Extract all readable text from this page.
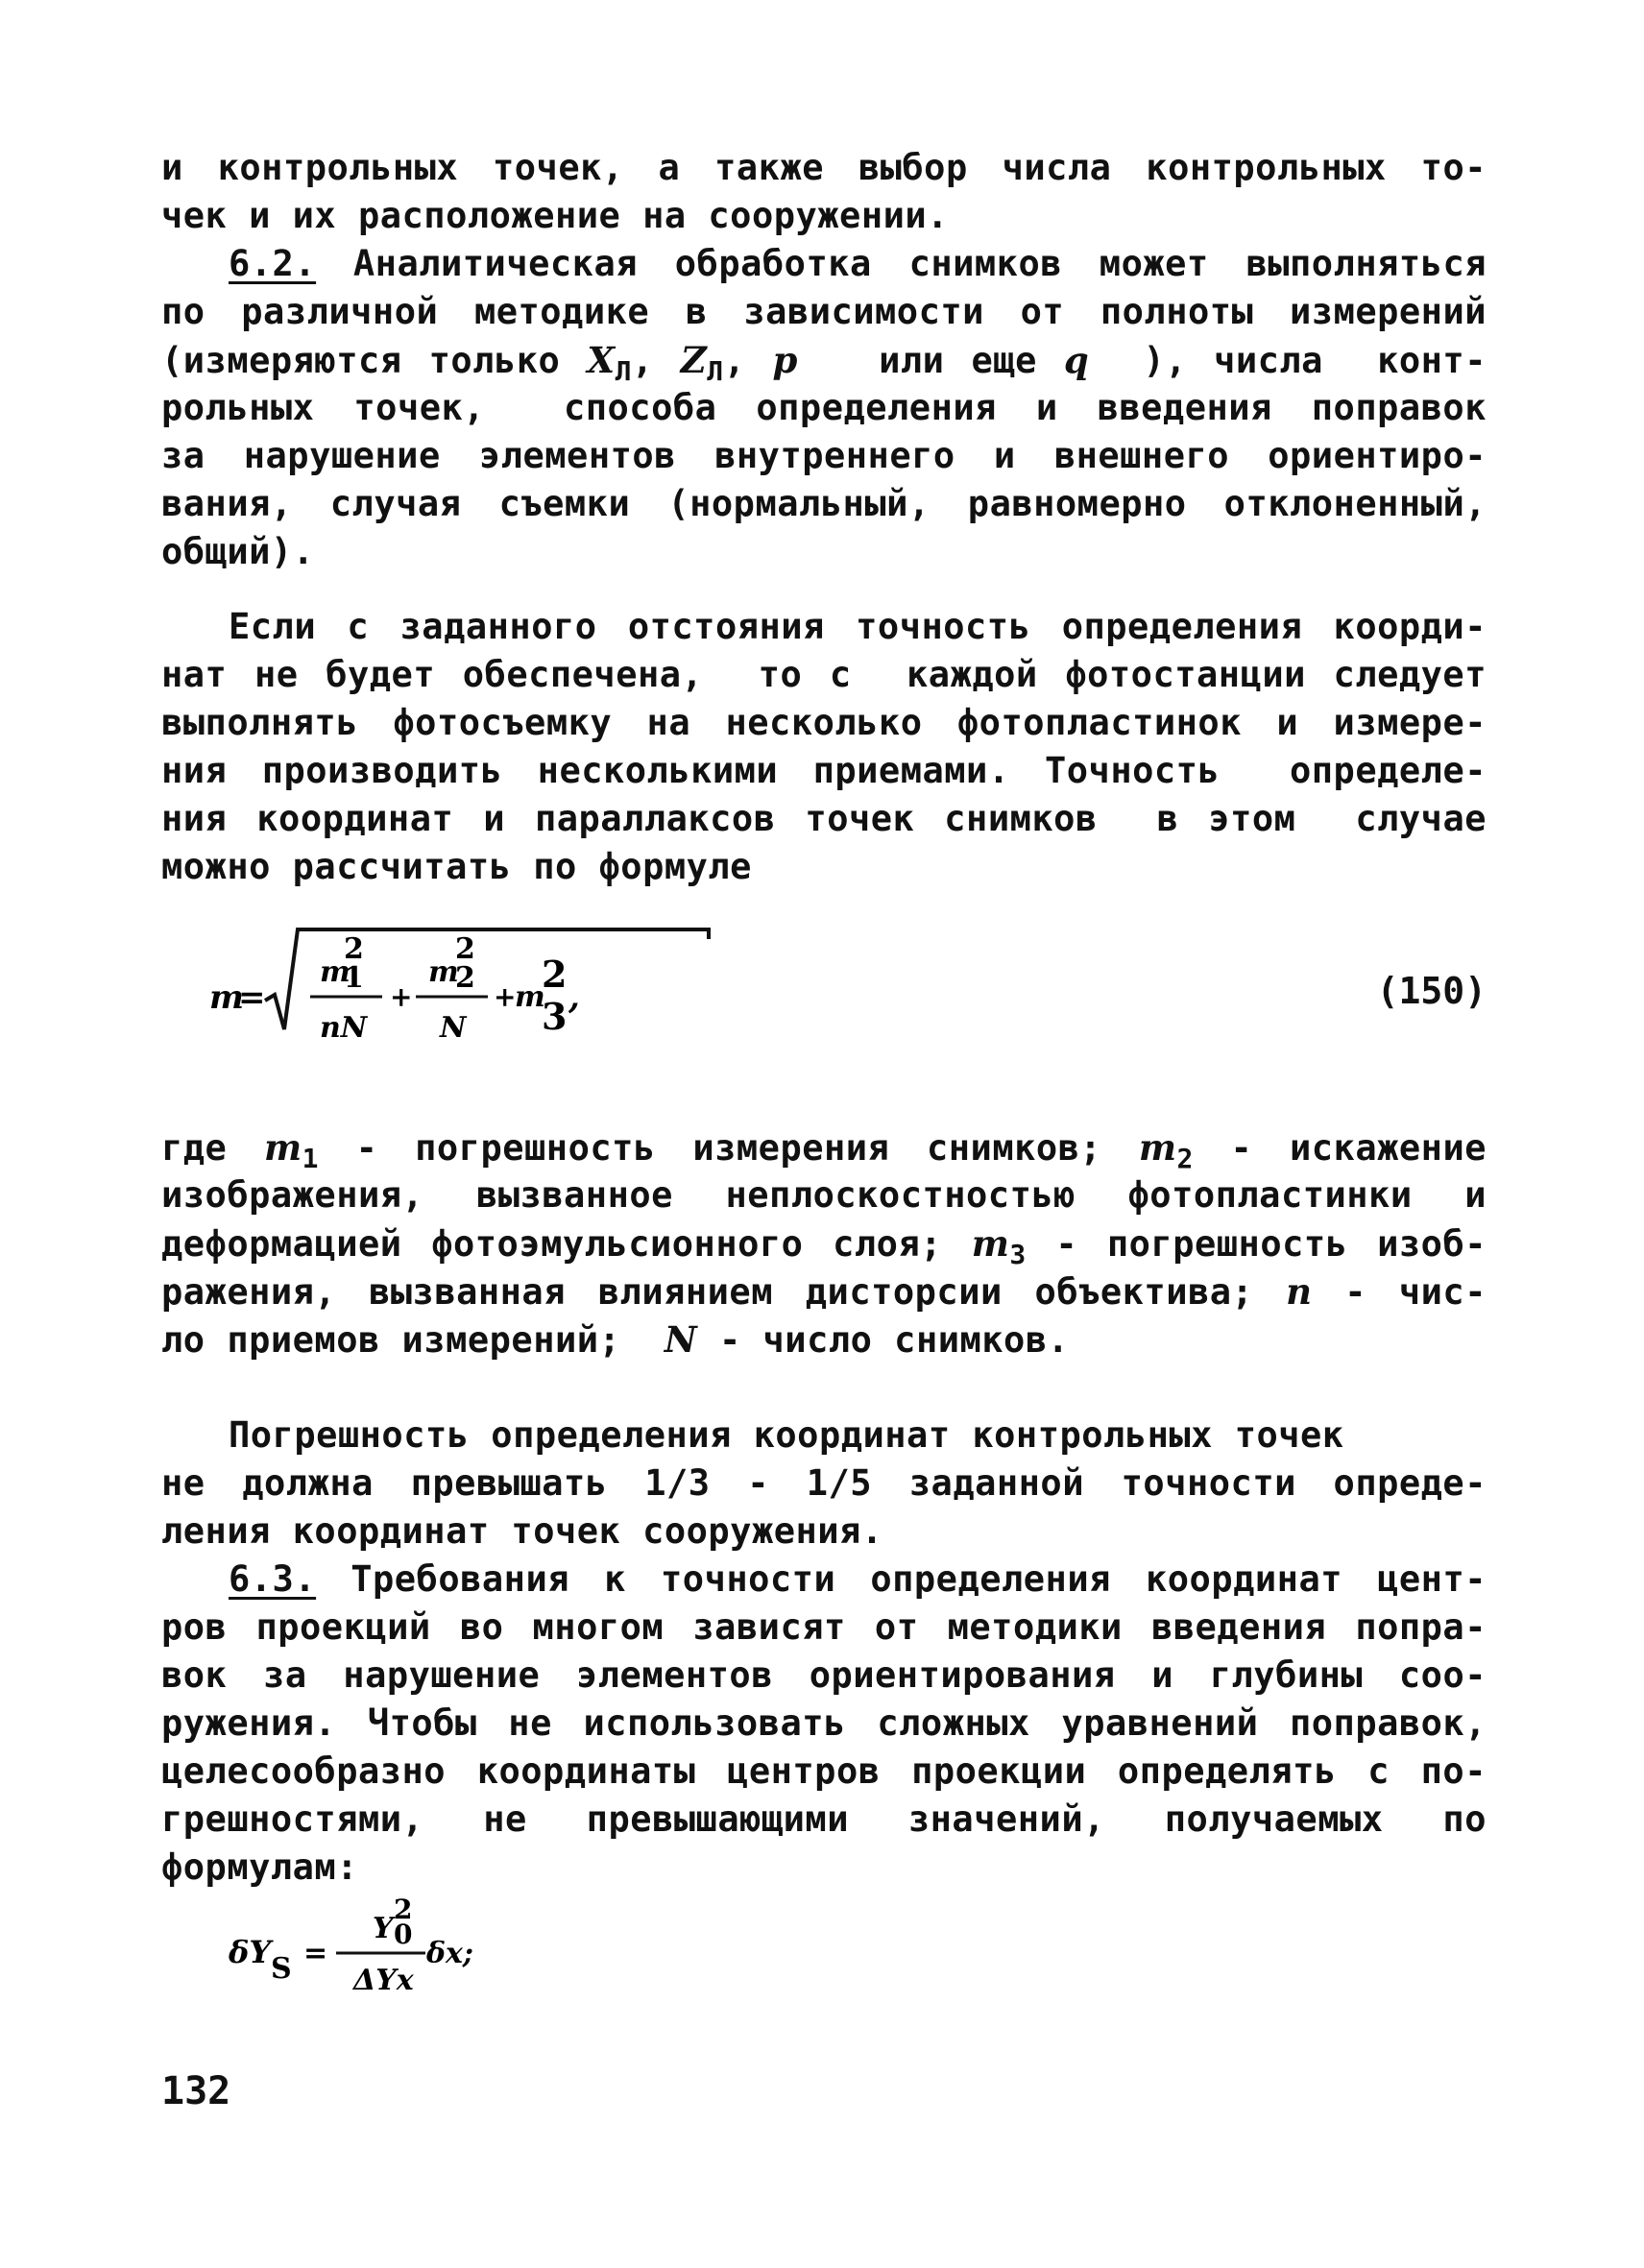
и контрольных точек, а также выбор числа контрольных то-
чек и их расположение на сооружении.
6.2. Аналитическая обработка снимков может выполняться
по различной методике в зависимости от полноты измерений
(измеряются только $X_Л$, $Z_Л$, p   или еще q  ), числа  конт-
рольных точек,  способа определения и введения поправок
за нарушение элементов внутреннего и внешнего ориентиро-
вания, случая съемки (нормальный, равномерно отклоненный,
общий).
Если с заданного отстояния точность определения коорди-
нат не будет обеспечена,  то с  каждой фотостанции следует
выполнять фотосъемку на несколько фотопластинок и измере-
ния производить несколькими приемами. Точность  определе-
ния координат и параллаксов точек снимков  в этом  случае
можно рассчитать по формуле
m
=
m
2
1
nN
+
m
2
2
N
+
m
2
3 ,	(150)
где $m_1$ - погрешность измерения снимков; $m_2$ - искажение
изображения, вызванное неплоскостностью фотопластинки и
деформацией фотоэмульсионного слоя; $m_3$ - погрешность изоб-
ражения, вызванная влиянием дисторсии объектива; n - чис-
ло приемов измерений;  N - число снимков.
Погрешность определения координат контрольных точек
не должна превышать 1/3 - 1/5 заданной точности опреде-
ления координат точек сооружения.
6.3. Требования к точности определения координат цент-
ров проекций во многом зависят от методики введения попра-
вок за нарушение элементов ориентирования и глубины соо-
ружения. Чтобы не использовать сложных уравнений поправок,
целесообразно координаты центров проекции определять с по-
грешностями, не превышающими значений, получаемых по
формулам:
δY S =
Y
2
0
ΔYx
δx;
132
